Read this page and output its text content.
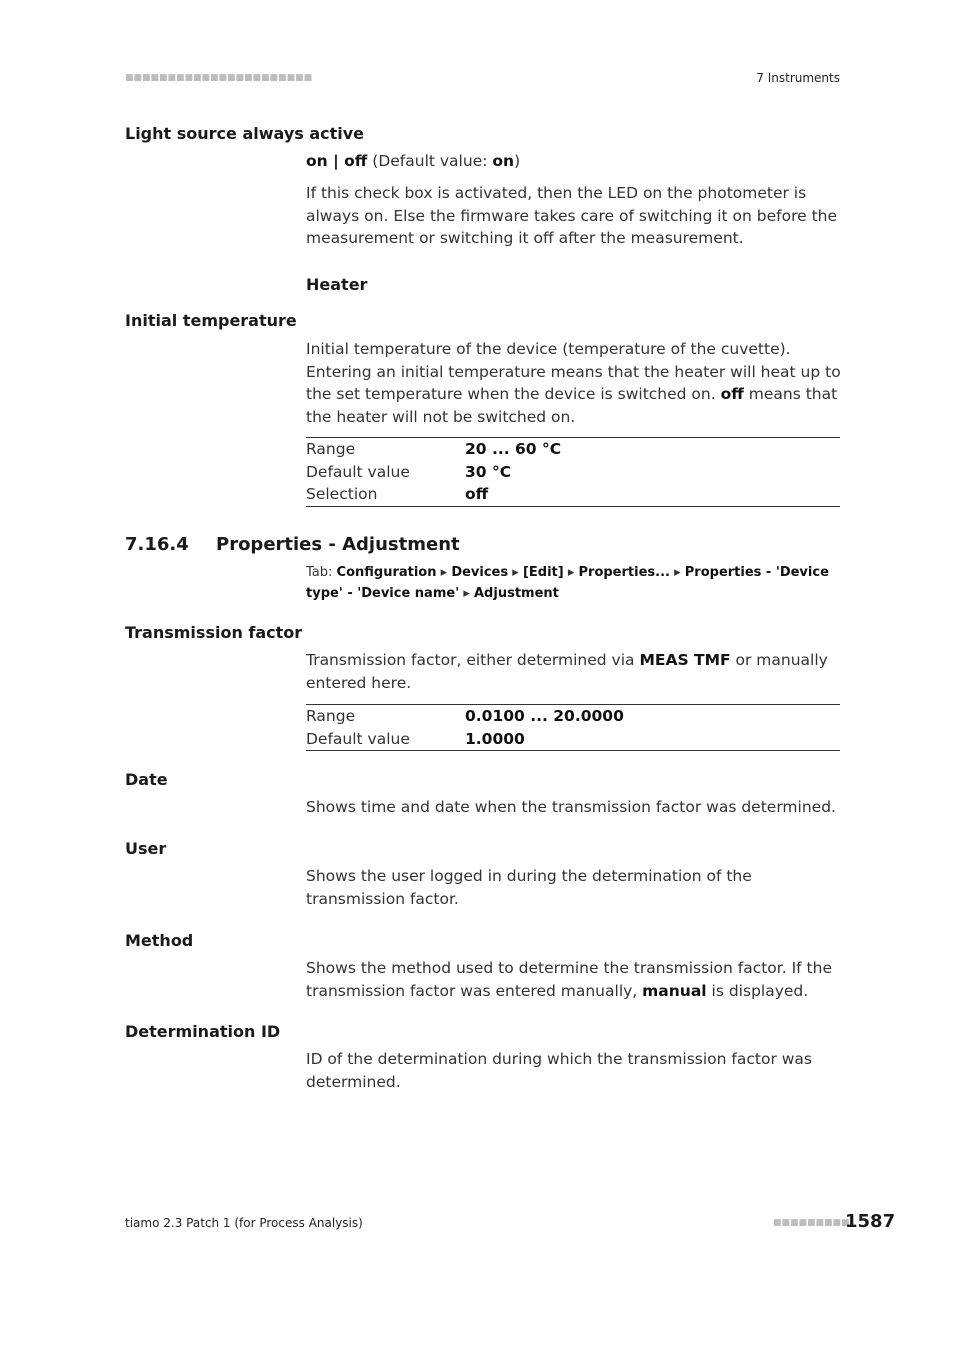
■■■■■■■■■■■■■■■■■■■■■■	7 Instruments
Light source always active
on | off (Default value: on)
If this check box is activated, then the LED on the photometer is always on. Else the firmware takes care of switching it on before the measurement or switching it off after the measurement.
Heater
Initial temperature
Initial temperature of the device (temperature of the cuvette). Entering an initial temperature means that the heater will heat up to the set temperature when the device is switched on. off means that the heater will not be switched on.
Range	20 ... 60 °C
Default value	30 °C
Selection	off
7.16.4 Properties - Adjustment
Tab: Configuration ▸ Devices ▸ [Edit] ▸ Properties... ▸ Properties - 'Device type' - 'Device name' ▸ Adjustment
Transmission factor
Transmission factor, either determined via MEAS TMF or manually entered here.
Range	0.0100 ... 20.0000
Default value	1.0000
Date
Shows time and date when the transmission factor was determined.
User
Shows the user logged in during the determination of the transmission factor.
Method
Shows the method used to determine the transmission factor. If the transmission factor was entered manually, manual is displayed.
Determination ID
ID of the determination during which the transmission factor was determined.
tiamo 2.3 Patch 1 (for Process Analysis)	■■■■■■■■■
1587
